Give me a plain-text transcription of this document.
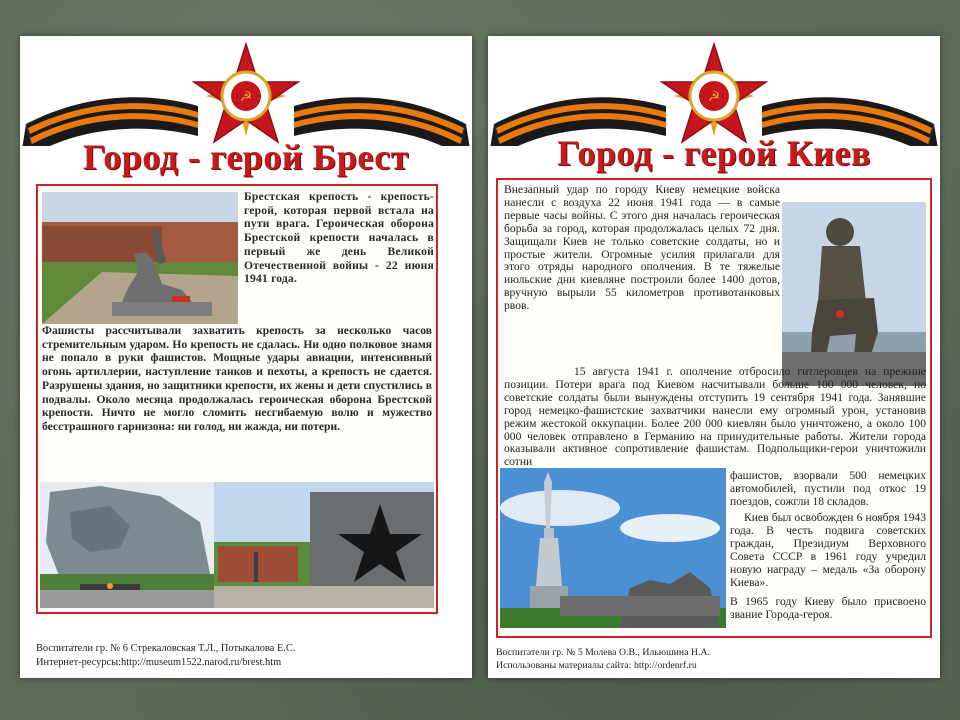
Город - герой Брест
Брестская крепость - крепость-герой, которая первой встала на пути врага. Героическая оборона Брестской крепости началась в первый же день Великой Отечественной войны - 22 июня 1941 года.
Фашисты рассчитывали захватить крепость за несколько часов стремительным ударом. Но крепость не сдалась. Ни одно полковое знамя не попало в руки фашистов. Мощные удары авиации, интенсивный огонь артиллерии, наступление танков и пехоты, а крепость не сдается. Разрушены здания, но защитники крепости, их жены и дети спустились в подвалы. Около месяца продолжалась героическая оборона Брестской крепости. Ничто не могло сломить несгибаемую волю и мужество бесстрашного гарнизона: ни голод, ни жажда, ни потери.
Воспитатели гр. № 6 Стрекаловская Т.Л., Потыкалова Е.С.
Интернет-ресурсы:http://museum1522.narod.ru/brest.htm
Город - герой Киев
Внезапный удар по городу Киеву немецкие войска нанесли с воздуха 22 июня 1941 года — в самые первые часы войны. С этого дня началась героическая борьба за город, которая продолжалась целых 72 дня. Защищали Киев не только советские солдаты, но и простые жители. Огромные усилия прилагали для этого отряды народного ополчения. В те тяжелые июльские дни киевляне построили более 1400 дотов, вручную вырыли 55 километров противотанковых рвов.
15 августа 1941 г. ополчение отбросило гитлеровцев на прежние позиции. Потери врага под Киевом насчитывали больше 100 000 человек, но советские солдаты были вынуждены отступить 19 сентября 1941 года. Занявшие город немецко-фашистские захватчики нанесли ему огромный урон, установив режим жестокой оккупации. Более 200 000 киевлян было уничтожено, а около 100 000 человек отправлено в Германию на принудительные работы. Жители города оказывали активное сопротивление фашистам. Подпольщики-герои уничтожили сотни
фашистов, взорвали 500 немецких автомобилей, пустили под откос 19 поездов, сожгли 18 складов.
Киев был освобожден 6 ноября 1943 года. В честь подвига советских граждан, Президиум Верховного Совета СССР в 1961 году учредил новую награду – медаль «За оборону Киева».
В 1965 году Киеву было присвоено звание Города-героя.
Воспитатели гр. № 5 Молева О.В., Ильюшина Н.А.
Использованы материалы сайта: http://ordenrf.ru
